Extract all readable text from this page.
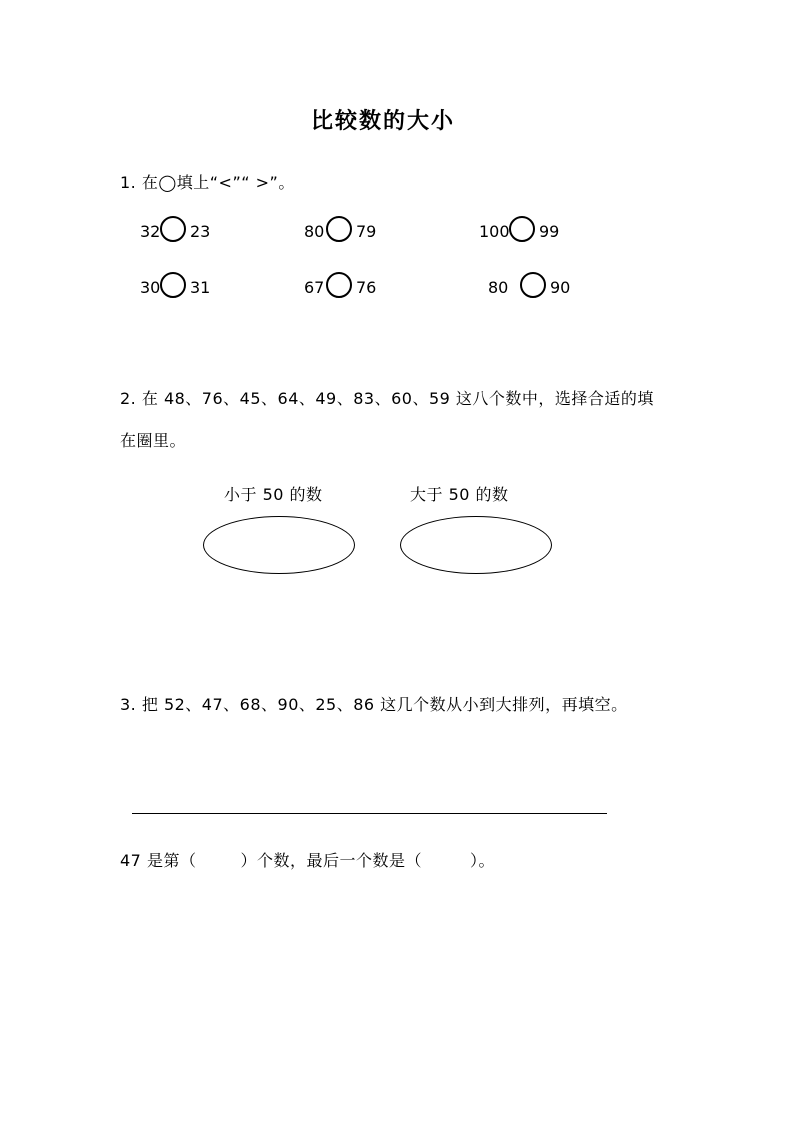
比较数的大小
1. 在◯填上“<”“ >”。
32 23	80 79	100 99
30 31	67 76	80	90
2. 在 48、76、45、64、49、83、60、59 这八个数中，选择合适的填
在圈里。
小于 50 的数	大于 50 的数
3. 把 52、47、68、90、25、86 这几个数从小到大排列，再填空。
47 是第（	）个数，最后一个数是（	）。
